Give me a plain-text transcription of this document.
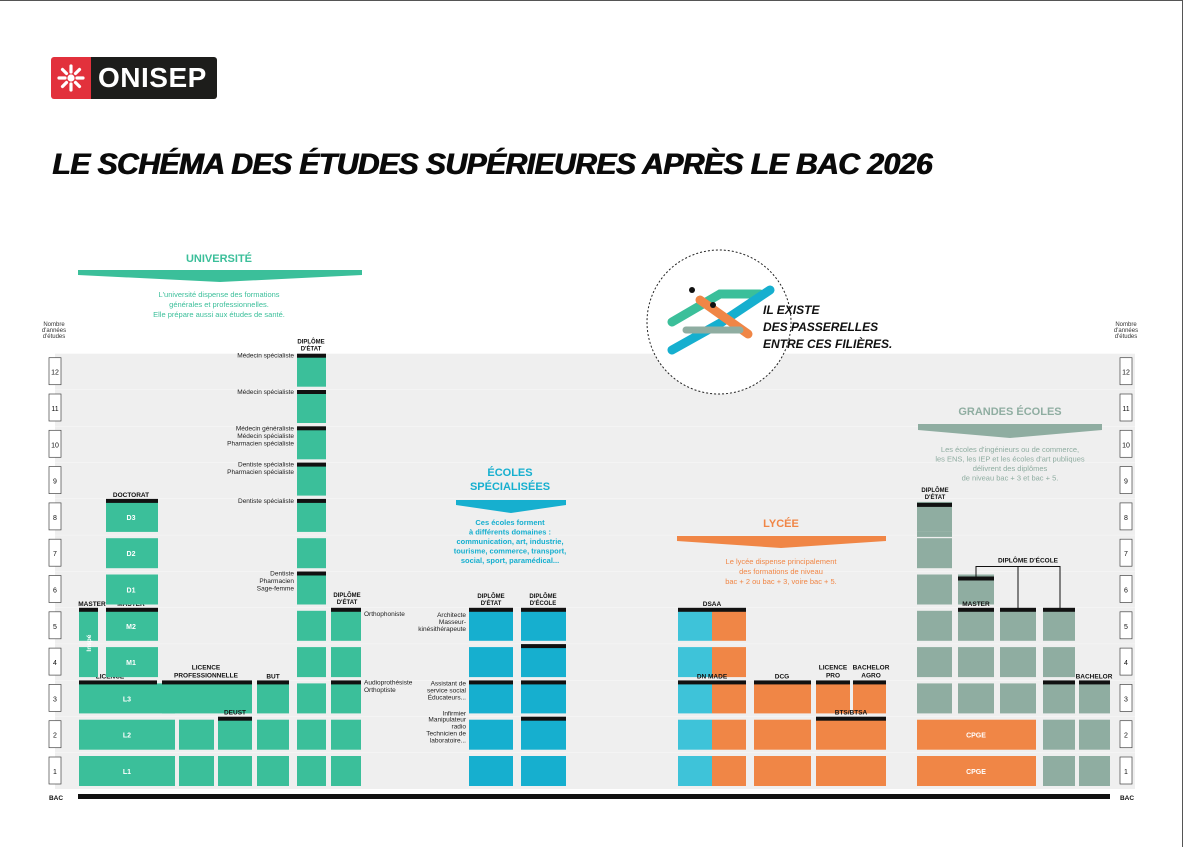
ONISEP
LE SCHÉMA DES ÉTUDES SUPÉRIEURES APRÈS LE BAC 2026
Nombre
d'années
d'études
Nombre
d'années
d'études
12	12
11	11
10	10
9	9
8	8
7	7
6	6
5	5
4	4
3	3
2	2
1	1
BAC	BAC
UNIVERSITÉ
L'université dispense des formations
générales et professionnelles.
Elle prépare aussi aux études de santé.
ÉCOLES
SPÉCIALISÉES
Ces écoles forment
à différents domaines :
communication, art, industrie,
tourisme, commerce, transport,
social, sport, paramédical...
LYCÉE
Le lycée dispense principalement
des formations de niveau
bac + 2 ou bac + 3, voire bac + 5.
GRANDES ÉCOLES
Les écoles d'ingénieurs ou de commerce,
les ENS, les IEP et les écoles d'art publiques
délivrent des diplômes
de niveau bac + 3 et bac + 5.
IL EXISTE
DES PASSERELLES
ENTRE CES FILIÈRES.
L1
L2
L3
M1
M2
MASTER
Inspé
D1
D2
D3
DOCTORAT
LICENCE
PROFESSIONNELLE
DEUST
BUT
DIPLÔME
D'ÉTAT
Médecin spécialiste
Médecin spécialiste
Médecin généraliste
Médecin spécialiste
Pharmacien spécialiste
Dentiste spécialiste
Pharmacien spécialiste
Dentiste spécialiste
Dentiste
Pharmacien
Sage-femme
DIPLÔME
D'ÉTAT
Orthophoniste
Audioprothésiste
Orthoptiste
DIPLÔME
D'ÉTAT
DIPLÔME
D'ÉCOLE
Architecte
Masseur-
kinésithérapeute
Assistant de
service social
Éducateurs...
Infirmier
Manipulateur
radio
Technicien de
laboratoire...
DSAA
DN MADE	DCG
LICENCE
PRO
BACHELOR
AGRO
BTS/BTSA
CPGE
CPGE
DIPLÔME
D'ÉTAT
MASTER
BACHELOR
DIPLÔME D'ÉCOLE
